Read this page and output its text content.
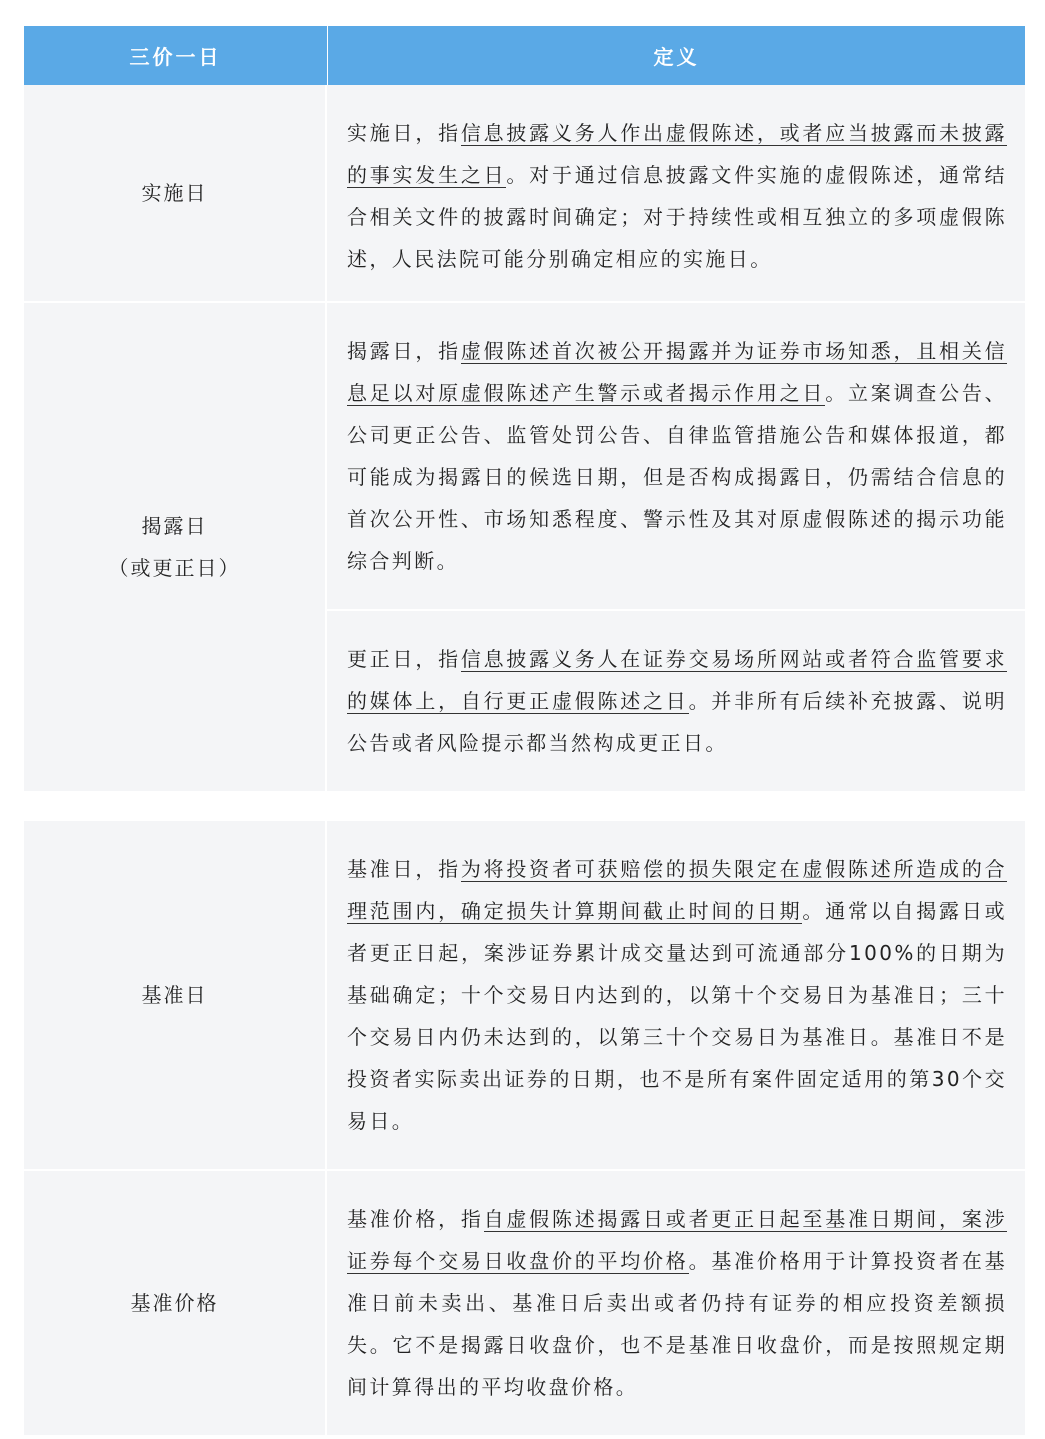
三价一日	定义
实施日
实施日，指信息披露义务人作出虚假陈述，或者应当披露而未披露的事实发生之日。对于通过信息披露文件实施的虚假陈述，通常结合相关文件的披露时间确定；对于持续性或相互独立的多项虚假陈述，人民法院可能分别确定相应的实施日。
揭露日
（或更正日）
揭露日，指虚假陈述首次被公开揭露并为证券市场知悉，且相关信息足以对原虚假陈述产生警示或者揭示作用之日。立案调查公告、公司更正公告、监管处罚公告、自律监管措施公告和媒体报道，都可能成为揭露日的候选日期，但是否构成揭露日，仍需结合信息的首次公开性、市场知悉程度、警示性及其对原虚假陈述的揭示功能综合判断。
更正日，指信息披露义务人在证券交易场所网站或者符合监管要求的媒体上，自行更正虚假陈述之日。并非所有后续补充披露、说明公告或者风险提示都当然构成更正日。
基准日
基准日，指为将投资者可获赔偿的损失限定在虚假陈述所造成的合理范围内，确定损失计算期间截止时间的日期。通常以自揭露日或者更正日起，案涉证券累计成交量达到可流通部分100%的日期为基础确定；十个交易日内达到的，以第十个交易日为基准日；三十个交易日内仍未达到的，以第三十个交易日为基准日。基准日不是投资者实际卖出证券的日期，也不是所有案件固定适用的第30个交易日。
基准价格
基准价格，指自虚假陈述揭露日或者更正日起至基准日期间，案涉证券每个交易日收盘价的平均价格。基准价格用于计算投资者在基准日前未卖出、基准日后卖出或者仍持有证券的相应投资差额损失。它不是揭露日收盘价，也不是基准日收盘价，而是按照规定期间计算得出的平均收盘价格。
